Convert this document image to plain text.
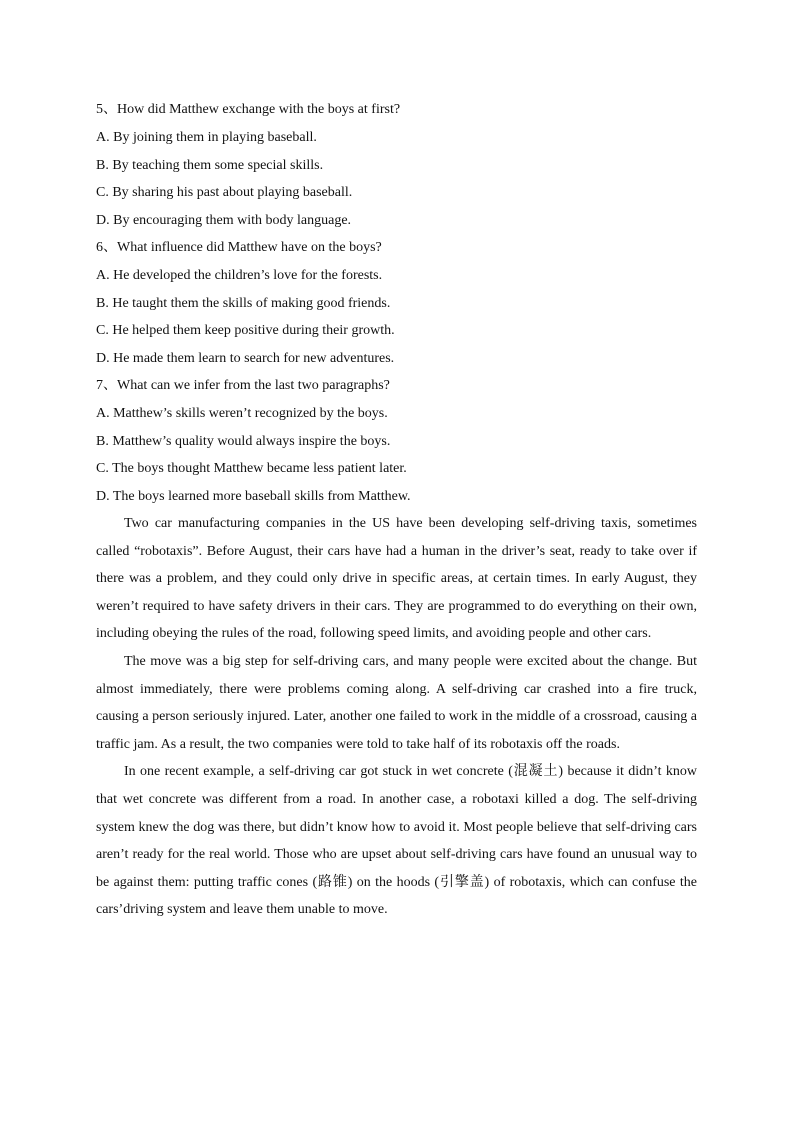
5、How did Matthew exchange with the boys at first?
A. By joining them in playing baseball.
B. By teaching them some special skills.
C. By sharing his past about playing baseball.
D. By encouraging them with body language.
6、What influence did Matthew have on the boys?
A. He developed the children’s love for the forests.
B. He taught them the skills of making good friends.
C. He helped them keep positive during their growth.
D. He made them learn to search for new adventures.
7、What can we infer from the last two paragraphs?
A. Matthew’s skills weren’t recognized by the boys.
B. Matthew’s quality would always inspire the boys.
C. The boys thought Matthew became less patient later.
D. The boys learned more baseball skills from Matthew.

Two car manufacturing companies in the US have been developing self-driving taxis, sometimes called “robotaxis”. Before August, their cars have had a human in the driver’s seat, ready to take over if there was a problem, and they could only drive in specific areas, at certain times. In early August, they weren’t required to have safety drivers in their cars. They are programmed to do everything on their own, including obeying the rules of the road, following speed limits, and avoiding people and other cars.

The move was a big step for self-driving cars, and many people were excited about the change. But almost immediately, there were problems coming along. A self-driving car crashed into a fire truck, causing a person seriously injured. Later, another one failed to work in the middle of a crossroad, causing a traffic jam. As a result, the two companies were told to take half of its robotaxis off the roads.

In one recent example, a self-driving car got stuck in wet concrete (混凝土) because it didn’t know that wet concrete was different from a road. In another case, a robotaxi killed a dog. The self-driving system knew the dog was there, but didn’t know how to avoid it. Most people believe that self-driving cars aren’t ready for the real world. Those who are upset about self-driving cars have found an unusual way to be against them: putting traffic cones (路锥) on the hoods (引擎盖) of robotaxis, which can confuse the cars’driving system and leave them unable to move.
